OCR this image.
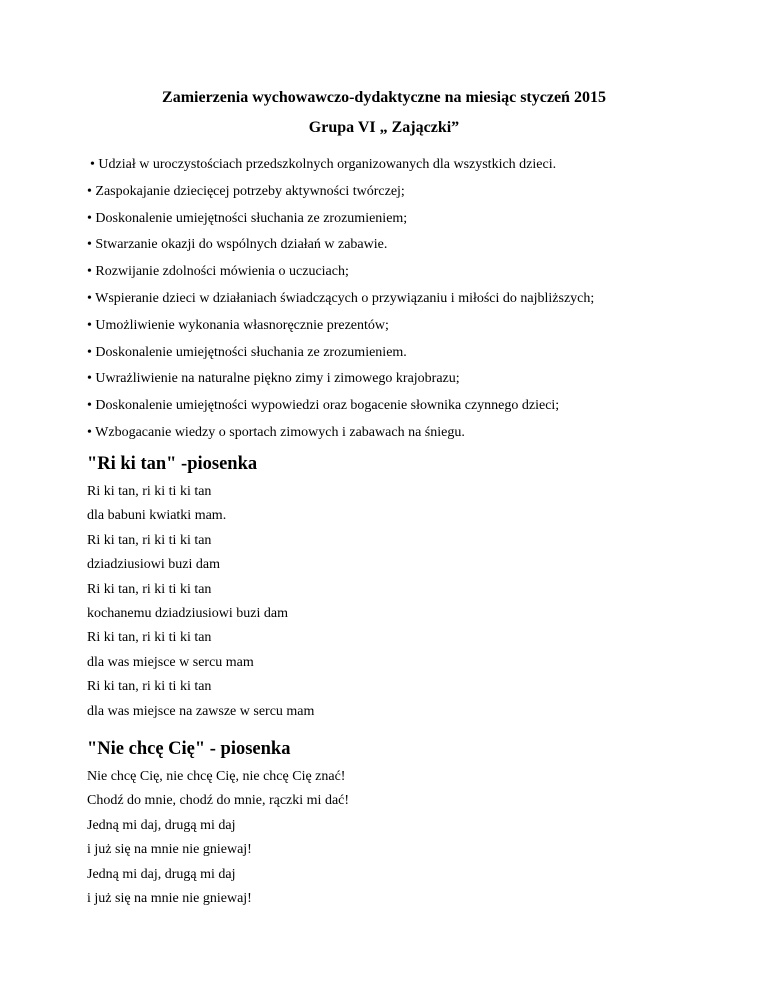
Zamierzenia wychowawczo-dydaktyczne na miesiąc styczeń 2015
Grupa VI „ Zajączki”
• Udział w uroczystościach przedszkolnych organizowanych dla wszystkich dzieci.
• Zaspokajanie dziecięcej potrzeby aktywności twórczej;
• Doskonalenie umiejętności słuchania ze zrozumieniem;
• Stwarzanie okazji do wspólnych działań w zabawie.
• Rozwijanie zdolności mówienia o uczuciach;
• Wspieranie dzieci w działaniach świadczących o przywiązaniu i miłości do najbliższych;
• Umożliwienie wykonania własnoręcznie prezentów;
• Doskonalenie umiejętności słuchania ze zrozumieniem.
• Uwrażliwienie na naturalne piękno zimy i zimowego krajobrazu;
• Doskonalenie umiejętności wypowiedzi oraz bogacenie słownika czynnego dzieci;
• Wzbogacanie wiedzy o sportach zimowych i zabawach na śniegu.
"Ri ki tan" -piosenka
Ri ki tan, ri ki ti ki tan
dla babuni kwiatki mam.
Ri ki tan, ri ki ti ki tan
dziadziusiowi buzi dam
Ri ki tan, ri ki ti ki tan
kochanemu dziadziusiowi buzi dam
Ri ki tan, ri ki ti ki tan
dla was miejsce w sercu mam
Ri ki tan, ri ki ti ki tan
dla was miejsce na zawsze w sercu mam
"Nie chcę Cię" - piosenka
Nie chcę Cię, nie chcę Cię, nie chcę Cię znać!
Chodź do mnie, chodź do mnie, rączki mi dać!
Jedną mi daj, drugą mi daj
i już się na mnie nie gniewaj!
Jedną mi daj, drugą mi daj
i już się na mnie nie gniewaj!
